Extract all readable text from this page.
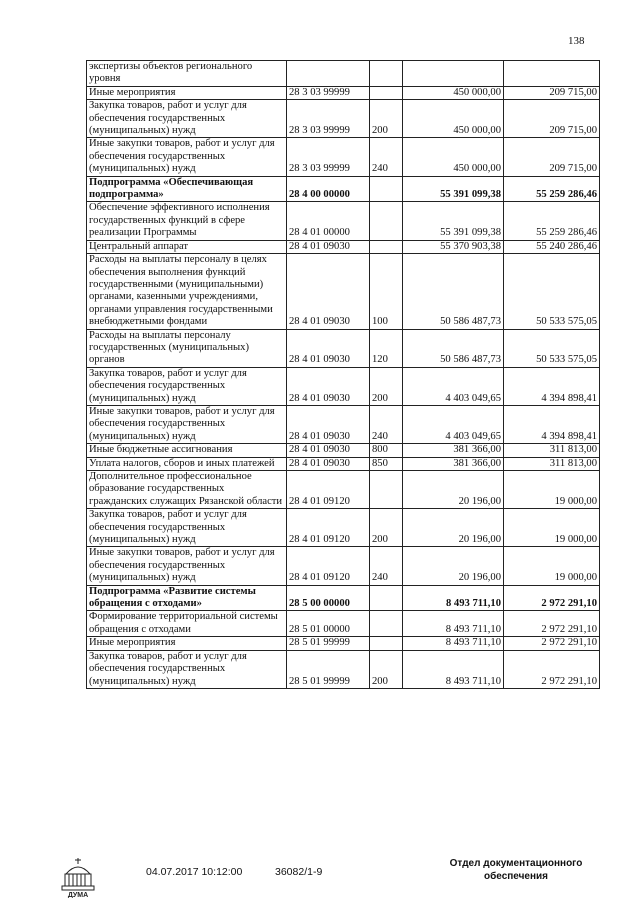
138
экспертизы объектов регионального уровня				
Иные мероприятия	28 3 03 99999		450 000,00	209 715,00
Закупка товаров, работ и услуг для обеспечения государственных (муниципальных) нужд	28 3 03 99999	200	450 000,00	209 715,00
Иные закупки товаров, работ и услуг для обеспечения государственных (муниципальных) нужд	28 3 03 99999	240	450 000,00	209 715,00
Подпрограмма «Обеспечивающая подпрограмма»	28 4 00 00000		55 391 099,38	55 259 286,46
Обеспечение эффективного исполнения государственных функций в сфере реализации Программы	28 4 01 00000		55 391 099,38	55 259 286,46
Центральный аппарат	28 4 01 09030		55 370 903,38	55 240 286,46
Расходы на выплаты персоналу в целях обеспечения выполнения функций государственными (муниципальными) органами, казенными учреждениями, органами управления государственными внебюджетными фондами	28 4 01 09030	100	50 586 487,73	50 533 575,05
Расходы на выплаты персоналу государственных (муниципальных) органов	28 4 01 09030	120	50 586 487,73	50 533 575,05
Закупка товаров, работ и услуг для обеспечения государственных (муниципальных) нужд	28 4 01 09030	200	4 403 049,65	4 394 898,41
Иные закупки товаров, работ и услуг для обеспечения государственных (муниципальных) нужд	28 4 01 09030	240	4 403 049,65	4 394 898,41
Иные бюджетные ассигнования	28 4 01 09030	800	381 366,00	311 813,00
Уплата налогов, сборов и иных платежей	28 4 01 09030	850	381 366,00	311 813,00
Дополнительное профессиональное образование государственных гражданских служащих Рязанской области	28 4 01 09120		20 196,00	19 000,00
Закупка товаров, работ и услуг для обеспечения государственных (муниципальных) нужд	28 4 01 09120	200	20 196,00	19 000,00
Иные закупки товаров, работ и услуг для обеспечения государственных (муниципальных) нужд	28 4 01 09120	240	20 196,00	19 000,00
Подпрограмма «Развитие системы обращения с отходами»	28 5 00 00000		8 493 711,10	2 972 291,10
Формирование территориальной системы обращения с отходами	28 5 01 00000		8 493 711,10	2 972 291,10
Иные мероприятия	28 5 01 99999		8 493 711,10	2 972 291,10
Закупка товаров, работ и услуг для обеспечения государственных (муниципальных) нужд	28 5 01 99999	200	8 493 711,10	2 972 291,10
ДУМА
04.07.2017 10:12:00	36082/1-9
Отдел документационного обеспечения
